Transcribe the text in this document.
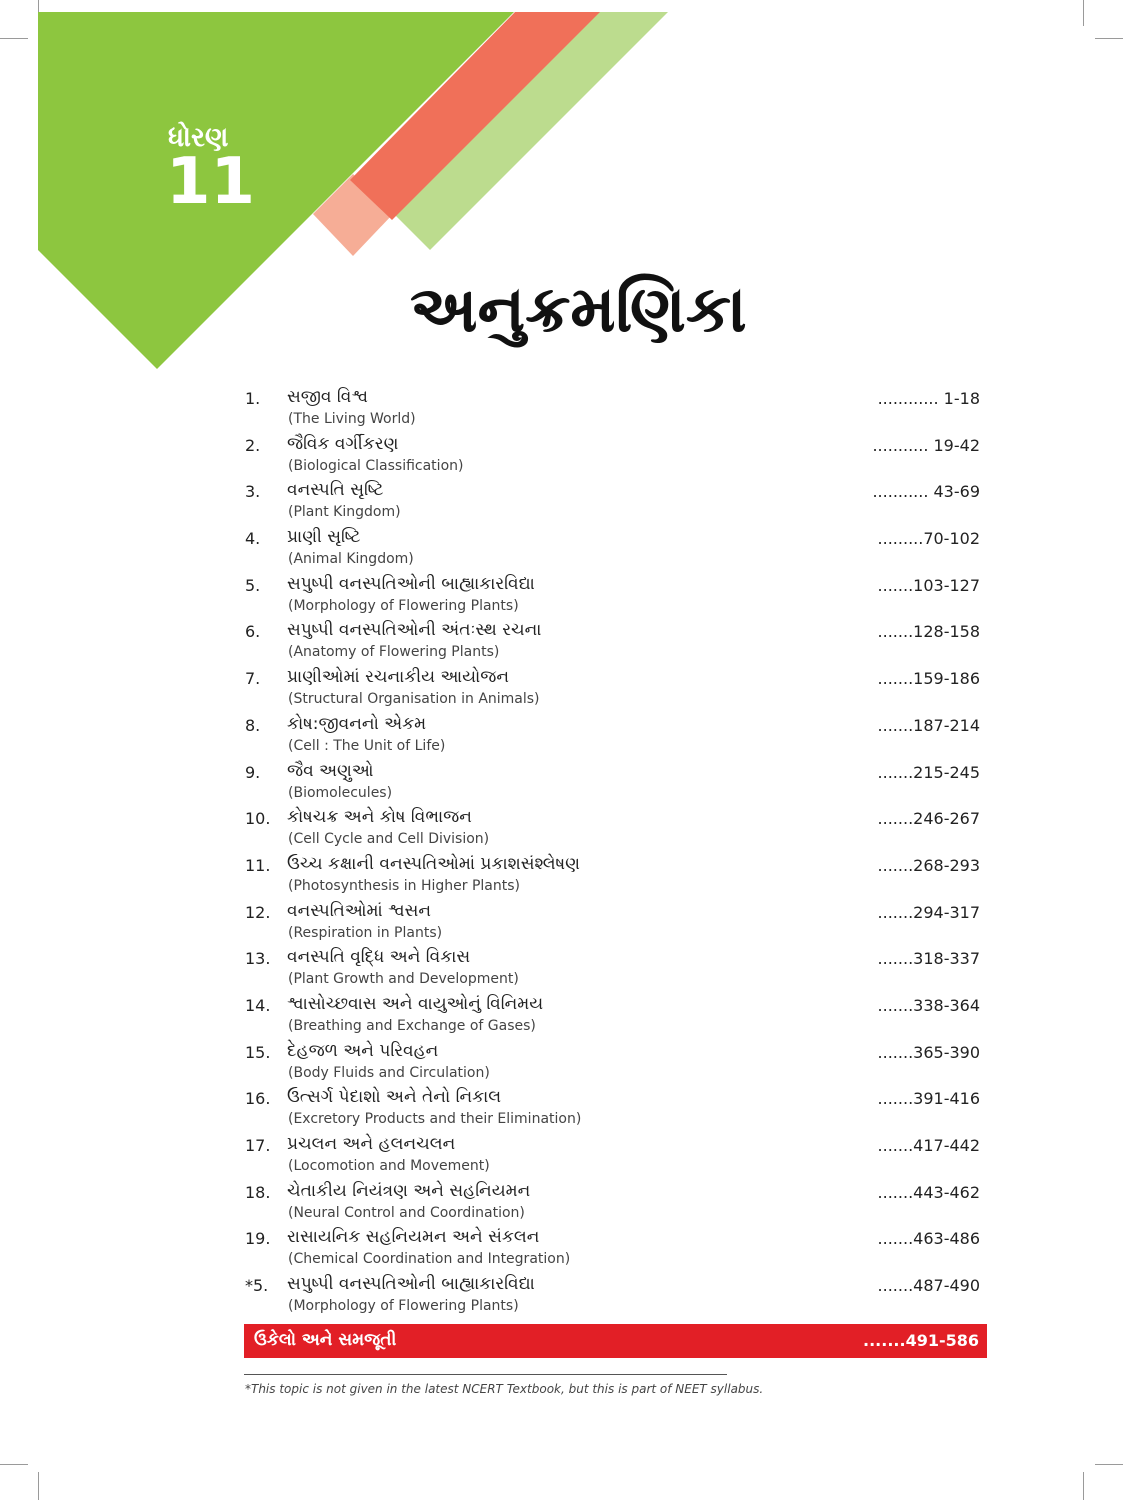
ધોરણ
11
અનુક્રમણિકા
1. સજીવ વિશ્વ
(The Living World)
............ 1-18
2. જૈવિક વર્ગીકરણ
(Biological Classification)
........... 19-42
3. વનસ્પતિ સૃષ્ટિ
(Plant Kingdom)
........... 43-69
4. પ્રાણી સૃષ્ટિ
(Animal Kingdom)
.........70-102
5. સપુષ્પી વનસ્પતિઓની બાહ્યાકારવિદ્યા
(Morphology of Flowering Plants)
.......103-127
6. સપુષ્પી વનસ્પતિઓની અંતઃસ્થ રચના
(Anatomy of Flowering Plants)
.......128-158
7. પ્રાણીઓમાં રચનાકીય આયોજન
(Structural Organisation in Animals)
.......159-186
8. કોષ:જીવનનો એકમ
(Cell : The Unit of Life)
.......187-214
9. જૈવ અણુઓ
(Biomolecules)
.......215-245
10. કોષચક્ર અને કોષ વિભાજન
(Cell Cycle and Cell Division)
.......246-267
11. ઉચ્ચ કક્ષાની વનસ્પતિઓમાં પ્રકાશસંશ્લેષણ
(Photosynthesis in Higher Plants)
.......268-293
12. વનસ્પતિઓમાં શ્વસન
(Respiration in Plants)
.......294-317
13. વનસ્પતિ વૃદ્ધિ અને વિકાસ
(Plant Growth and Development)
.......318-337
14. શ્વાસોચ્છવાસ અને વાયુઓનું વિનિમય
(Breathing and Exchange of Gases)
.......338-364
15. દેહજળ અને પરિવહન
(Body Fluids and Circulation)
.......365-390
16. ઉત્સર્ગ પેદાશો અને તેનો નિકાલ
(Excretory Products and their Elimination)
.......391-416
17. પ્રચલન અને હલનચલન
(Locomotion and Movement)
.......417-442
18. ચેતાકીય નિયંત્રણ અને સહનિયમન
(Neural Control and Coordination)
.......443-462
19. રાસાયનિક સહનિયમન અને સંકલન
(Chemical Coordination and Integration)
.......463-486
*5. સપુષ્પી વનસ્પતિઓની બાહ્યાકારવિદ્યા
(Morphology of Flowering Plants)
.......487-490
ઉકેલો અને સમજૂતી	.......491-586
*This topic is not given in the latest NCERT Textbook, but this is part of NEET syllabus.
